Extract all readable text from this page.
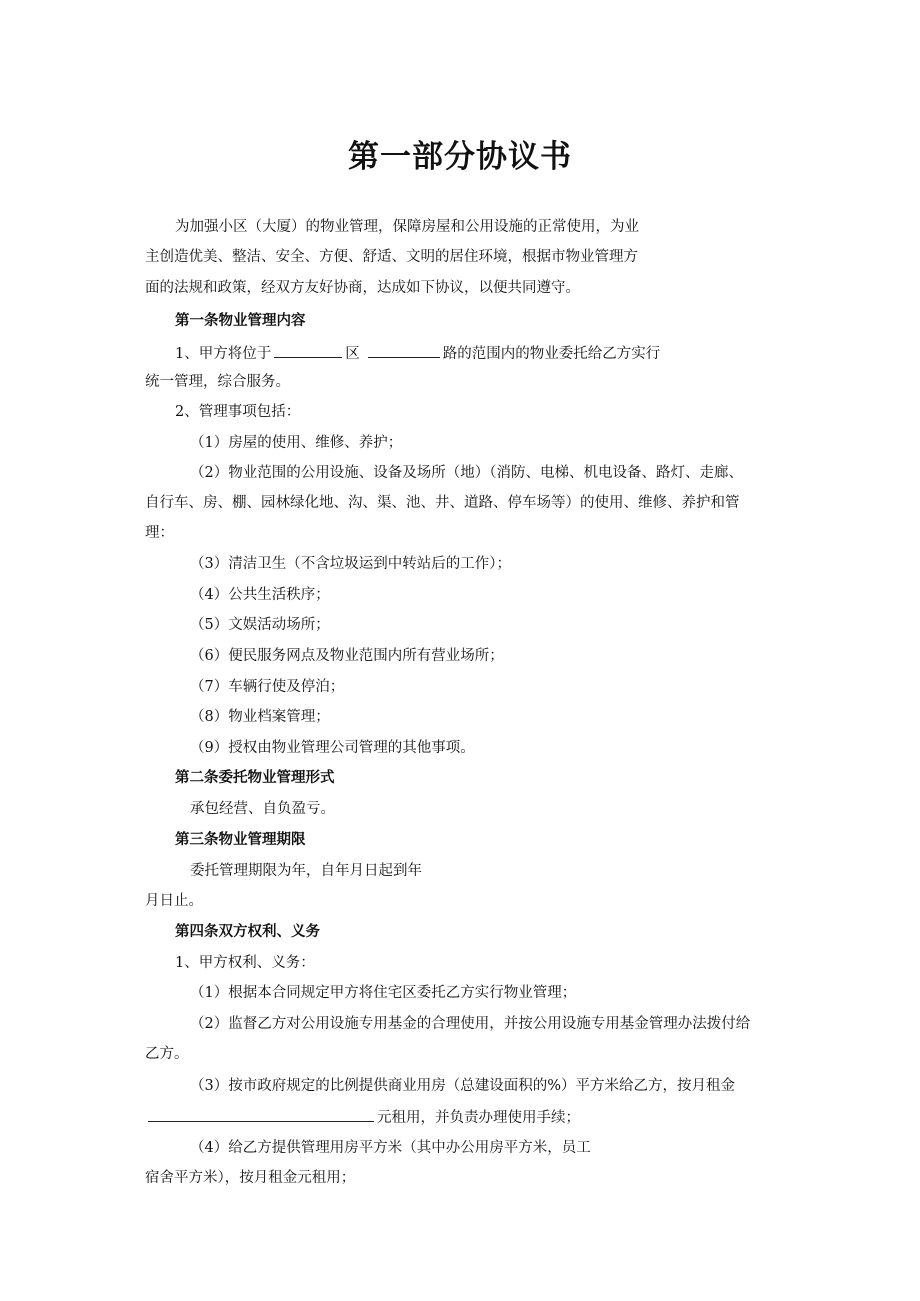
第一部分协议书
为加强小区（大厦）的物业管理，保障房屋和公用设施的正常使用，为业
主创造优美、整洁、安全、方便、舒适、文明的居住环境，根据市物业管理方
面的法规和政策，经双方友好协商，达成如下协议，以便共同遵守。
第一条物业管理内容
1、甲方将位于	区	路的范围内的物业委托给乙方实行
统一管理，综合服务。
2、管理事项包括：
（1）房屋的使用、维修、养护；
（2）物业范围的公用设施、设备及场所（地）（消防、电梯、机电设备、路灯、走廊、
自行车、房、棚、园林绿化地、沟、渠、池、井、道路、停车场等）的使用、维修、养护和管
理：
（3）清洁卫生（不含垃圾运到中转站后的工作）；
（4）公共生活秩序；
（5）文娱活动场所；
（6）便民服务网点及物业范围内所有营业场所；
（7）车辆行使及停泊；
（8）物业档案管理；
（9）授权由物业管理公司管理的其他事项。
第二条委托物业管理形式
承包经营、自负盈亏。
第三条物业管理期限
委托管理期限为年，自年月日起到年
月日止。
第四条双方权利、义务
1、甲方权利、义务：
（1）根据本合同规定甲方将住宅区委托乙方实行物业管理；
（2）监督乙方对公用设施专用基金的合理使用，并按公用设施专用基金管理办法拨付给
乙方。
（3）按市政府规定的比例提供商业用房（总建设面积的%）平方米给乙方，按月租金
元租用，并负责办理使用手续；
（4）给乙方提供管理用房平方米（其中办公用房平方米，员工
宿舍平方米），按月租金元租用；
